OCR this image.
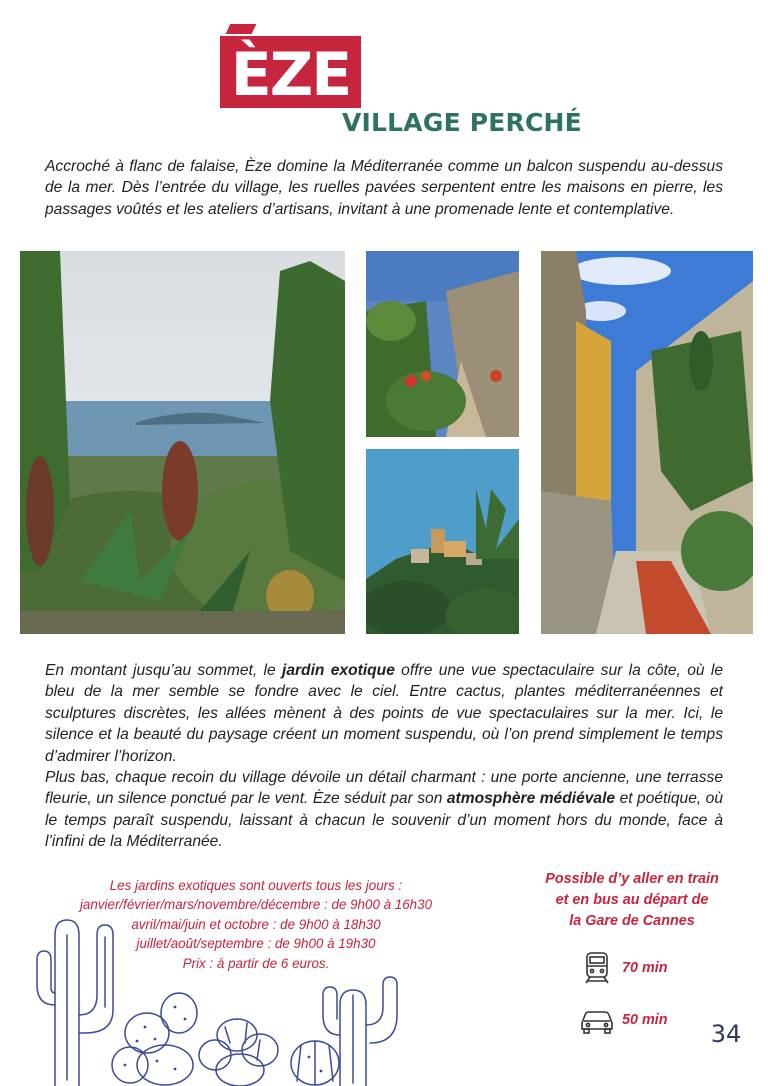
ÈZE
VILLAGE PERCHÉ

Accroché à flanc de falaise, Èze domine la Méditerranée comme un balcon suspendu au-dessus de la mer. Dès l’entrée du village, les ruelles pavées serpentent entre les maisons en pierre, les passages voûtés et les ateliers d’artisans, invitant à une promenade lente et contemplative.

En montant jusqu’au sommet, le jardin exotique offre une vue spectaculaire sur la côte, où le bleu de la mer semble se fondre avec le ciel. Entre cactus, plantes méditerranéennes et sculptures discrètes, les allées mènent à des points de vue spectaculaires sur la mer. Ici, le silence et la beauté du paysage créent un moment suspendu, où l’on prend simplement le temps d’admirer l’horizon.

Plus bas, chaque recoin du village dévoile un détail charmant : une porte ancienne, une terrasse fleurie, un silence ponctué par le vent. Èze séduit par son atmosphère médiévale et poétique, où le temps paraît suspendu, laissant à chacun le souvenir d’un moment hors du monde, face à l’infini de la Méditerranée.

Les jardins exotiques sont ouverts tous les jours :
janvier/février/mars/novembre/décembre : de 9h00 à 16h30
avril/mai/juin et octobre : de 9h00 à 18h30
juillet/août/septembre : de 9h00 à 19h30
Prix : à partir de 6 euros.
Possible d’y aller en train
et en bus au départ de
la Gare de Cannes
70 min
50 min 34
